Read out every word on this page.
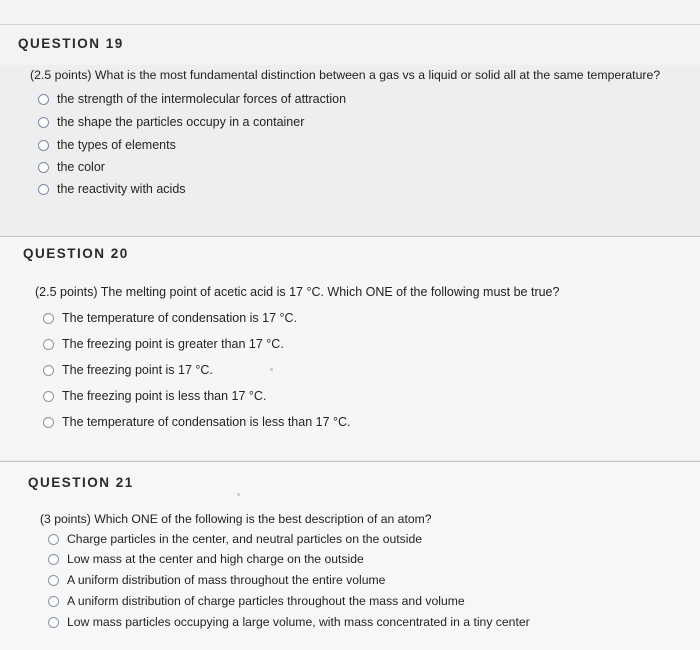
QUESTION 19
(2.5 points) What is the most fundamental distinction between a gas vs a liquid or solid all at the same temperature?
the strength of the intermolecular forces of attraction
the shape the particles occupy in a container
the types of elements
the color
the reactivity with acids
QUESTION 20
(2.5 points) The melting point of acetic acid is 17 °C. Which ONE of the following must be true?
The temperature of condensation is 17 °C.
The freezing point is greater than 17 °C.
The freezing point is 17 °C.
The freezing point is less than 17 °C.
The temperature of condensation is less than 17 °C.
QUESTION 21
(3 points) Which ONE of the following is the best description of an atom?
Charge particles in the center, and neutral particles on the outside
Low mass at the center and high charge on the outside
A uniform distribution of mass throughout the entire volume
A uniform distribution of charge particles throughout the mass and volume
Low mass particles occupying a large volume, with mass concentrated in a tiny center
